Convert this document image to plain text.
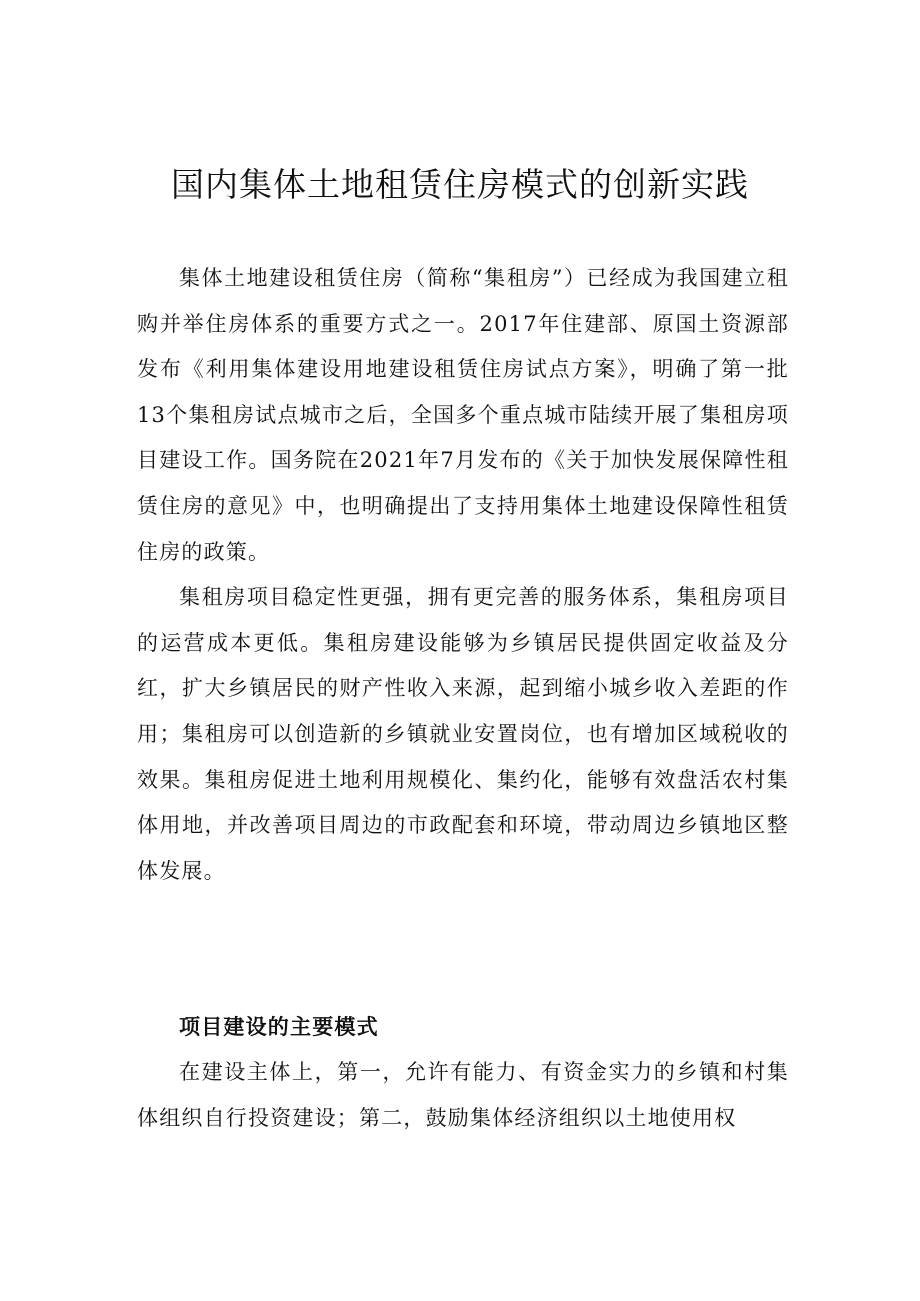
国内集体土地租赁住房模式的创新实践

集体土地建设租赁住房（简称“集租房”）已经成为我国建立租购并举住房体系的重要方式之一。2017年住建部、原国土资源部发布《利用集体建设用地建设租赁住房试点方案》，明确了第一批13个集租房试点城市之后，全国多个重点城市陆续开展了集租房项目建设工作。国务院在2021年7月发布的《关于加快发展保障性租赁住房的意见》中，也明确提出了支持用集体土地建设保障性租赁住房的政策。

集租房项目稳定性更强，拥有更完善的服务体系，集租房项目的运营成本更低。集租房建设能够为乡镇居民提供固定收益及分红，扩大乡镇居民的财产性收入来源，起到缩小城乡收入差距的作用；集租房可以创造新的乡镇就业安置岗位，也有增加区域税收的效果。集租房促进土地利用规模化、集约化，能够有效盘活农村集体用地，并改善项目周边的市政配套和环境，带动周边乡镇地区整体发展。

项目建设的主要模式

在建设主体上，第一，允许有能力、有资金实力的乡镇和村集体组织自行投资建设；第二，鼓励集体经济组织以土地使用权
